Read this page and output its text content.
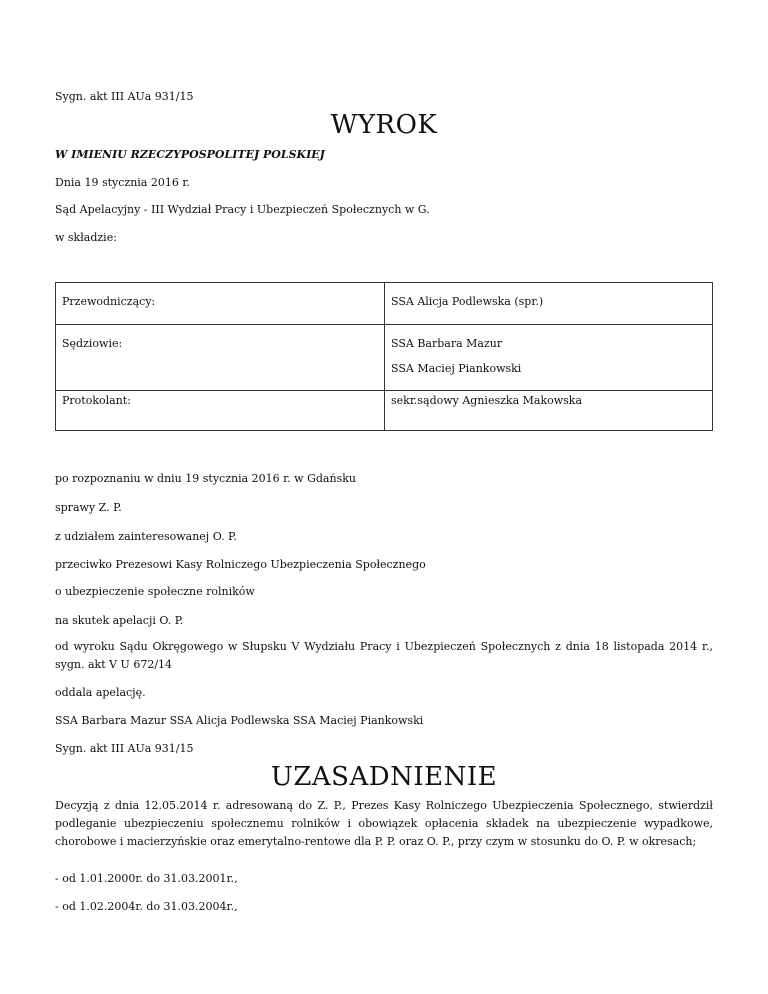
Sygn. akt III AUa 931/15
WYROK
W IMIENIU RZECZYPOSPOLITEJ POLSKIEJ
Dnia 19 stycznia 2016 r.
Sąd Apelacyjny - III Wydział Pracy i Ubezpieczeń Społecznych w G.
w składzie:
Przewodniczący:	SSA Alicja Podlewska (spr.)

Sędziowie:	SSA Barbara Mazur
SSA Maciej Piankowski

Protokolant:	sekr.sądowy Agnieszka Makowska
po rozpoznaniu w dniu 19 stycznia 2016 r. w Gdańsku
sprawy Z. P.
z udziałem zainteresowanej O. P.
przeciwko Prezesowi Kasy Rolniczego Ubezpieczenia Społecznego
o ubezpieczenie społeczne rolników
na skutek apelacji O. P.
od wyroku Sądu Okręgowego w Słupsku V Wydziału Pracy i Ubezpieczeń Społecznych z dnia 18 listopada 2014 r., sygn. akt V U 672/14
oddala apelację.
SSA Barbara Mazur SSA Alicja Podlewska SSA Maciej Piankowski
Sygn. akt III AUa 931/15
UZASADNIENIE
Decyzją z dnia 12.05.2014 r. adresowaną do Z. P., Prezes Kasy Rolniczego Ubezpieczenia Społecznego, stwierdził podleganie ubezpieczeniu społecznemu rolników i obowiązek opłacenia składek na ubezpieczenie wypadkowe, chorobowe i macierzyńskie oraz emerytalno-rentowe dla P. P. oraz O. P., przy czym w stosunku do O. P. w okresach;
- od 1.01.2000r. do 31.03.2001r.,
- od 1.02.2004r. do 31.03.2004r.,
